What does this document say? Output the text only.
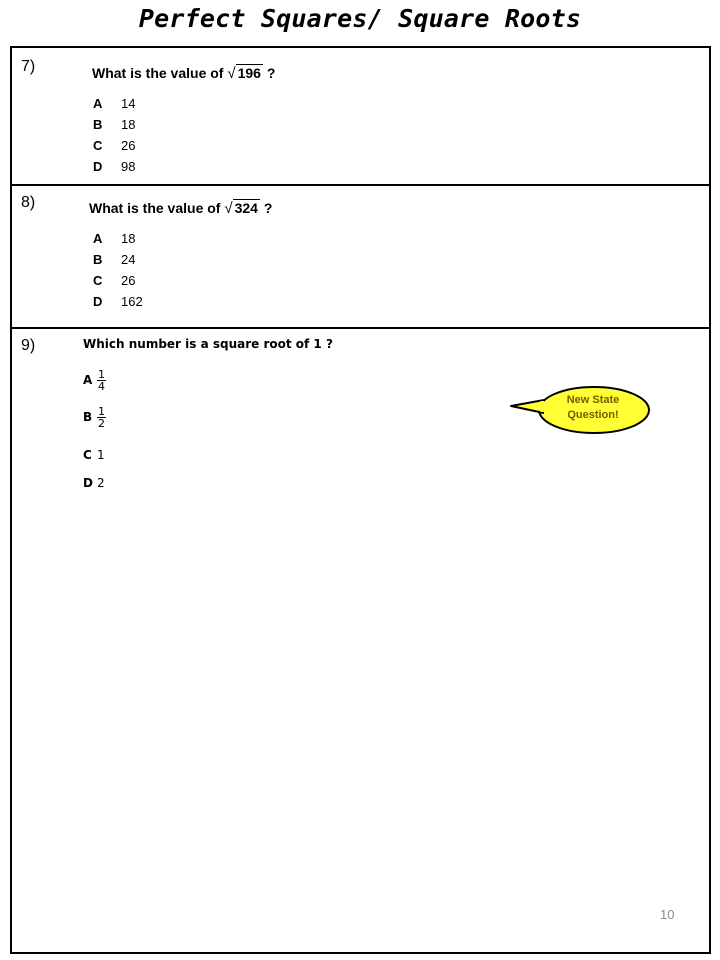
Perfect Squares/ Square Roots
7)	What is the value of √ 196 ?
A 14
B 18
C 26
D 98
8)	What is the value of √ 324 ?
A 18
B 24
C 26
D 162
9)	Which number is a square root of 1 ?
A $\frac{1}{4}$
B $\frac{1}{2}$
C 1
D 2
New State
Question!
10
